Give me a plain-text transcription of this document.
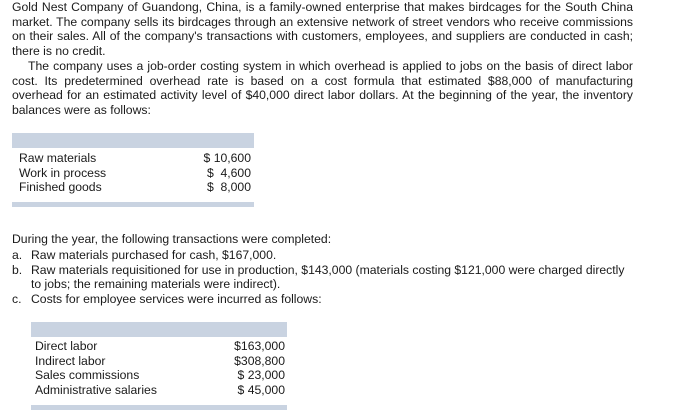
Gold Nest Company of Guandong, China, is a family-owned enterprise that makes birdcages for the South China market. The company sells its birdcages through an extensive network of street vendors who receive commissions on their sales. All of the company's transactions with customers, employees, and suppliers are conducted in cash; there is no credit.

The company uses a job-order costing system in which overhead is applied to jobs on the basis of direct labor cost. Its predetermined overhead rate is based on a cost formula that estimated $88,000 of manufacturing overhead for an estimated activity level of $40,000 direct labor dollars. At the beginning of the year, the inventory balances were as follows:

Raw materials	$ 10,600
Work in process	$  4,600
Finished goods	$  8,000

During the year, the following transactions were completed:

a. Raw materials purchased for cash, $167,000.
b. Raw materials requisitioned for use in production, $143,000 (materials costing $121,000 were charged directly to jobs; the remaining materials were indirect).
c. Costs for employee services were incurred as follows:
Direct labor	$163,000
Indirect labor	$308,800
Sales commissions	$ 23,000
Administrative salaries	$ 45,000
